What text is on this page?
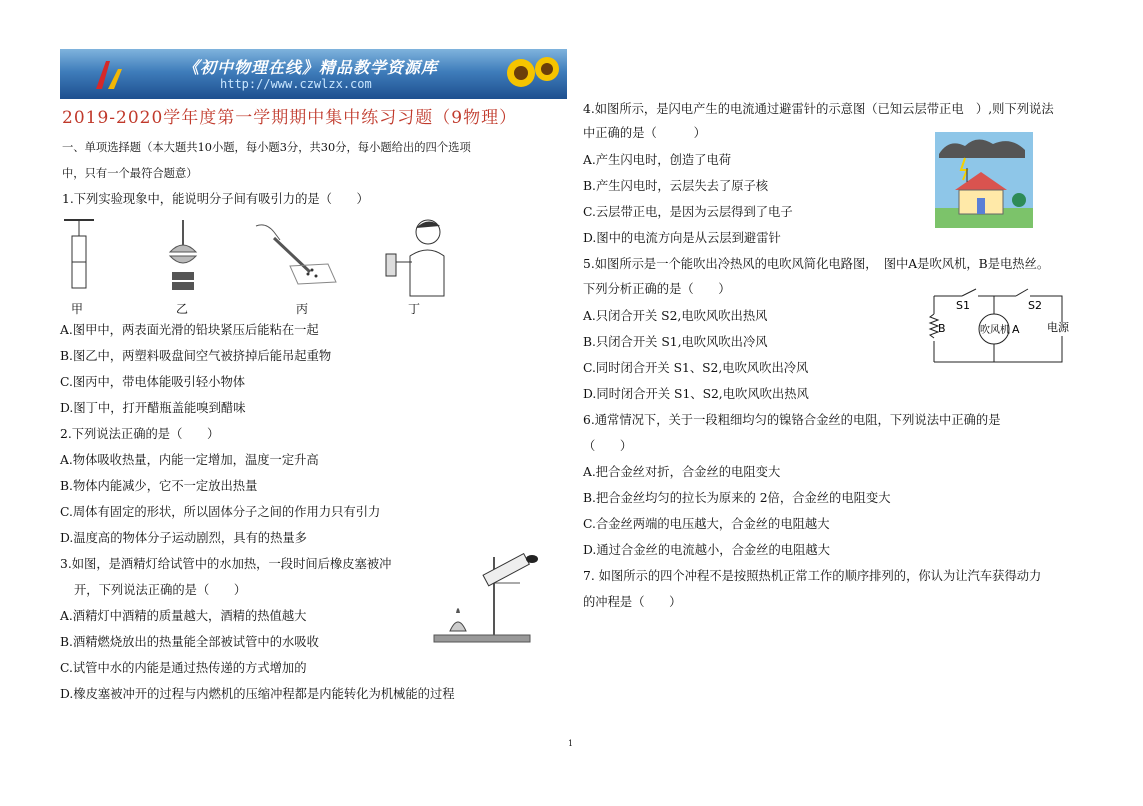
《初中物理在线》精品教学资源库
http://www.czwlzx.com
2019-2020学年度第一学期期中集中练习习题（9物理）
一、单项选择题（本大题共10小题，每小题3分，共30分，每小题给出的四个选项
中，只有一个最符合题意）
1.下列实验现象中，能说明分子间有吸引力的是（　　）
甲	乙	丙	丁
A.图甲中，两表面光滑的铅块紧压后能粘在一起
B.图乙中，两塑料吸盘间空气被挤掉后能吊起重物
C.图丙中，带电体能吸引轻小物体
D.图丁中，打开醋瓶盖能嗅到醋味
2.下列说法正确的是（　　）
A.物体吸收热量，内能一定增加，温度一定升高
B.物体内能减少，它不一定放出热量
C.周体有固定的形状，所以固体分子之间的作用力只有引力
D.温度高的物体分子运动剧烈，具有的热量多
3.如图，是酒精灯给试管中的水加热，一段时间后橡皮塞被冲
开，下列说法正确的是（　　）
A.酒精灯中酒精的质量越大，酒精的热值越大
B.酒精燃烧放出的热量能全部被试管中的水吸收
C.试管中水的内能是通过热传递的方式增加的
D.橡皮塞被冲开的过程与内燃机的压缩冲程都是内能转化为机械能的过程
4.如图所示，是闪电产生的电流通过避雷针的示意图（已知云层带正电　）,则下列说法
中正确的是（　　　）
A.产生闪电时，创造了电荷
B.产生闪电时，云层失去了原子核
C.云层带正电，是因为云层得到了电子
D.图中的电流方向是从云层到避雷针
5.如图所示是一个能吹出冷热风的电吹风简化电路图，　图中A是吹风机，B是电热丝。
下列分析正确的是（　　）
S1	S2
B	吹风机 A 电源
A.只闭合开关 S2,电吹风吹出热风
B.只闭合开关 S1,电吹风吹出冷风
C.同时闭合开关 S1、S2,电吹风吹出冷风
D.同时闭合开关 S1、S2,电吹风吹出热风
6.通常情况下，关于一段粗细均匀的镍铬合金丝的电阻，下列说法中正确的是
（　　）
A.把合金丝对折，合金丝的电阻变大
B.把合金丝均匀的拉长为原来的 2倍，合金丝的电阻变大
C.合金丝两端的电压越大，合金丝的电阻越大
D.通过合金丝的电流越小，合金丝的电阻越大
7. 如图所示的四个冲程不是按照热机正常工作的顺序排列的，你认为让汽车获得动力
的冲程是（　　）
1
